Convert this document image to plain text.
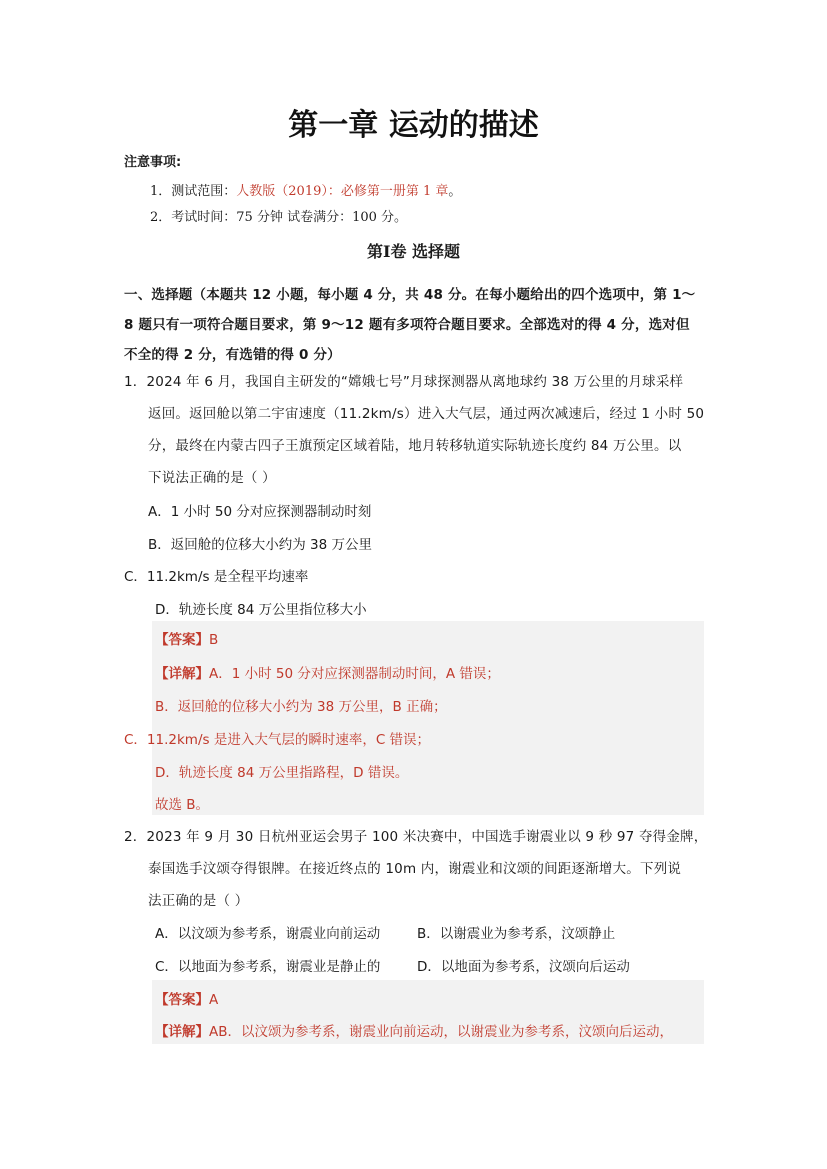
第一章 运动的描述
注意事项:
1．测试范围：人教版（2019）：必修第一册第 1 章。
2．考试时间：75 分钟 试卷满分：100 分。
第Ⅰ卷 选择题
一、选择题（本题共 12 小题，每小题 4 分，共 48 分。在每小题给出的四个选项中，第 1～
8 题只有一项符合题目要求，第 9～12 题有多项符合题目要求。全部选对的得 4 分，选对但
不全的得 2 分，有选错的得 0 分）
1．2024 年 6 月，我国自主研发的“嫦娥七号”月球探测器从离地球约 38 万公里的月球采样
返回。返回舱以第二宇宙速度（11.2km/s）进入大气层，通过两次减速后，经过 1 小时 50
分，最终在内蒙古四子王旗预定区域着陆，地月转移轨道实际轨迹长度约 84 万公里。以
下说法正确的是（ ）
A．1 小时 50 分对应探测器制动时刻
B．返回舱的位移大小约为 38 万公里
C．11.2km/s 是全程平均速率
D．轨迹长度 84 万公里指位移大小
【答案】B
【详解】A．1 小时 50 分对应探测器制动时间，A 错误；
B．返回舱的位移大小约为 38 万公里，B 正确；
C．11.2km/s 是进入大气层的瞬时速率，C 错误；
D．轨迹长度 84 万公里指路程，D 错误。
故选 B。
2．2023 年 9 月 30 日杭州亚运会男子 100 米决赛中，中国选手谢震业以 9 秒 97 夺得金牌，
泰国选手汶颂夺得银牌。在接近终点的 10m 内，谢震业和汶颂的间距逐渐增大。下列说
法正确的是（ ）
A．以汶颂为参考系，谢震业向前运动	B．以谢震业为参考系，汶颂静止
C．以地面为参考系，谢震业是静止的	D．以地面为参考系，汶颂向后运动
【答案】A
【详解】AB．以汶颂为参考系，谢震业向前运动，以谢震业为参考系，汶颂向后运动，
